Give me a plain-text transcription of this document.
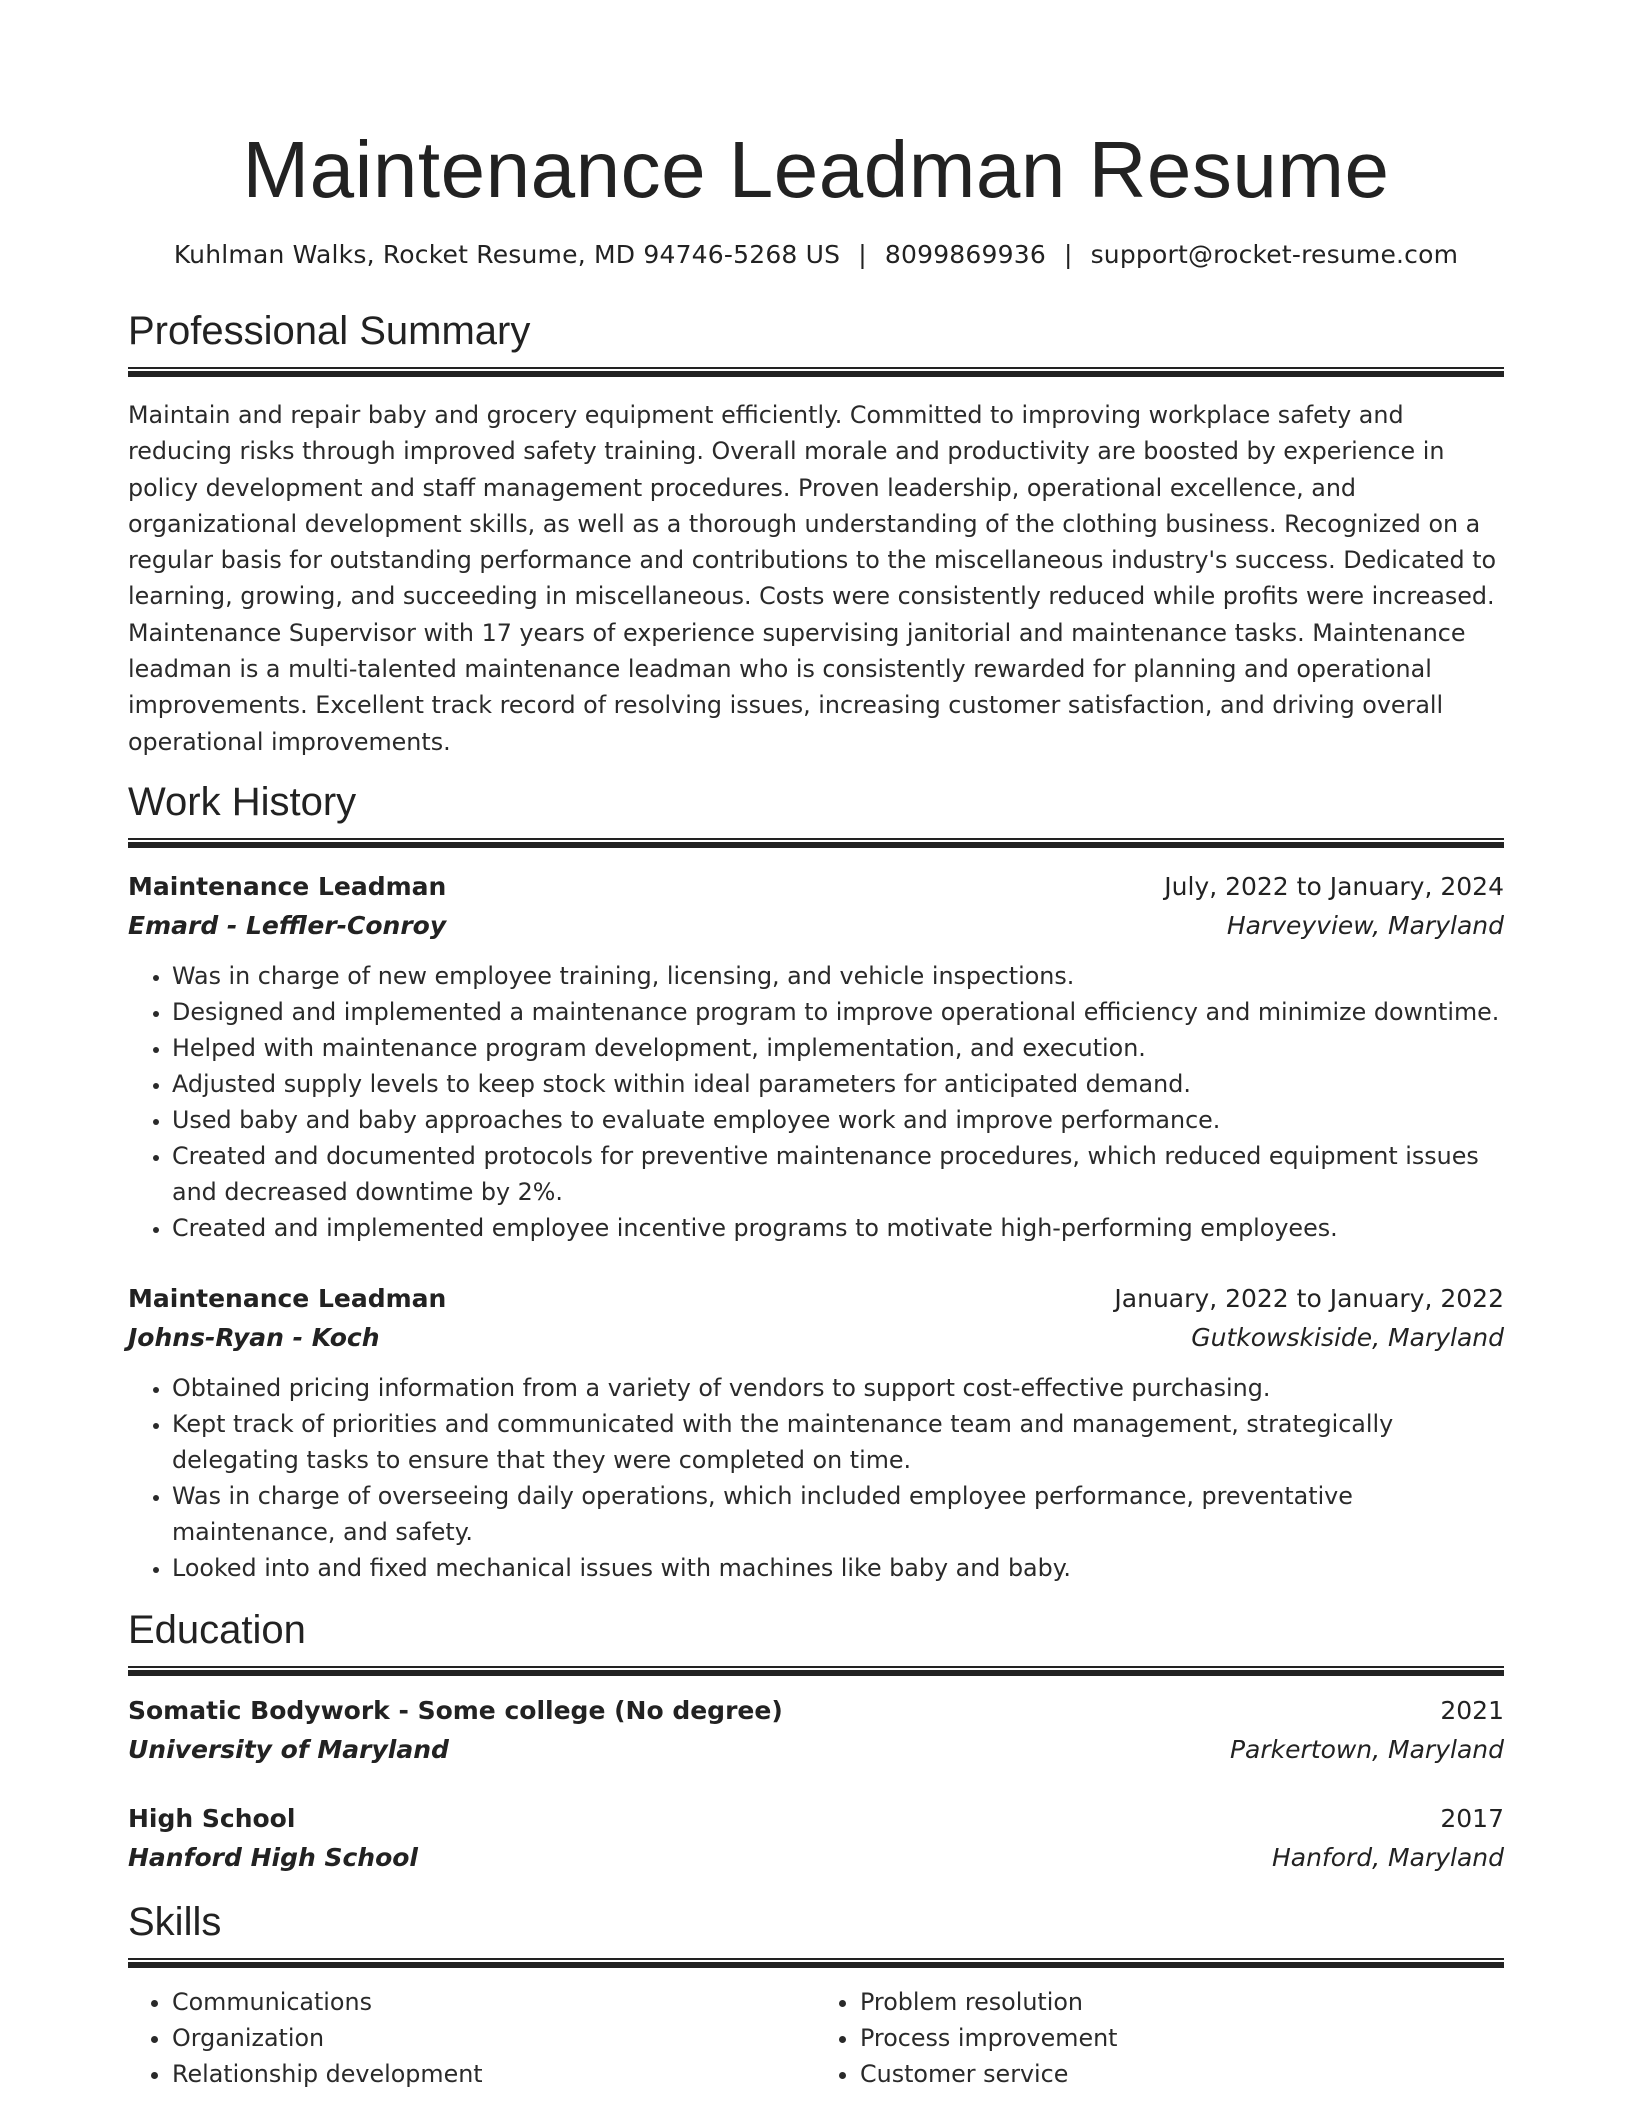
Maintenance Leadman Resume
Kuhlman Walks, Rocket Resume, MD 94746-5268 US | 8099869936 | support@rocket-resume.com
Professional Summary

Maintain and repair baby and grocery equipment efficiently. Committed to improving workplace safety and reducing risks through improved safety training. Overall morale and productivity are boosted by experience in policy development and staff management procedures. Proven leadership, operational excellence, and organizational development skills, as well as a thorough understanding of the clothing business. Recognized on a regular basis for outstanding performance and contributions to the miscellaneous industry's success. Dedicated to learning, growing, and succeeding in miscellaneous. Costs were consistently reduced while profits were increased. Maintenance Supervisor with 17 years of experience supervising janitorial and maintenance tasks. Maintenance leadman is a multi-talented maintenance leadman who is consistently rewarded for planning and operational improvements. Excellent track record of resolving issues, increasing customer satisfaction, and driving overall operational improvements.

Work History
Maintenance Leadman	July, 2022 to January, 2024
Emard - Leffler-Conroy	Harveyview, Maryland
• Was in charge of new employee training, licensing, and vehicle inspections.
• Designed and implemented a maintenance program to improve operational efficiency and minimize downtime.
• Helped with maintenance program development, implementation, and execution.
• Adjusted supply levels to keep stock within ideal parameters for anticipated demand.
• Used baby and baby approaches to evaluate employee work and improve performance.
• Created and documented protocols for preventive maintenance procedures, which reduced equipment issues and decreased downtime by 2%.
• Created and implemented employee incentive programs to motivate high-performing employees.
Maintenance Leadman	January, 2022 to January, 2022
Johns-Ryan - Koch	Gutkowskiside, Maryland
• Obtained pricing information from a variety of vendors to support cost-effective purchasing.
• Kept track of priorities and communicated with the maintenance team and management, strategically delegating tasks to ensure that they were completed on time.
• Was in charge of overseeing daily operations, which included employee performance, preventative maintenance, and safety.
• Looked into and fixed mechanical issues with machines like baby and baby.
Education
Somatic Bodywork - Some college (No degree)	2021
University of Maryland	Parkertown, Maryland
High School	2017
Hanford High School	Hanford, Maryland
Skills
• Communications
• Organization
• Relationship development
• Problem resolution
• Process improvement
• Customer service
